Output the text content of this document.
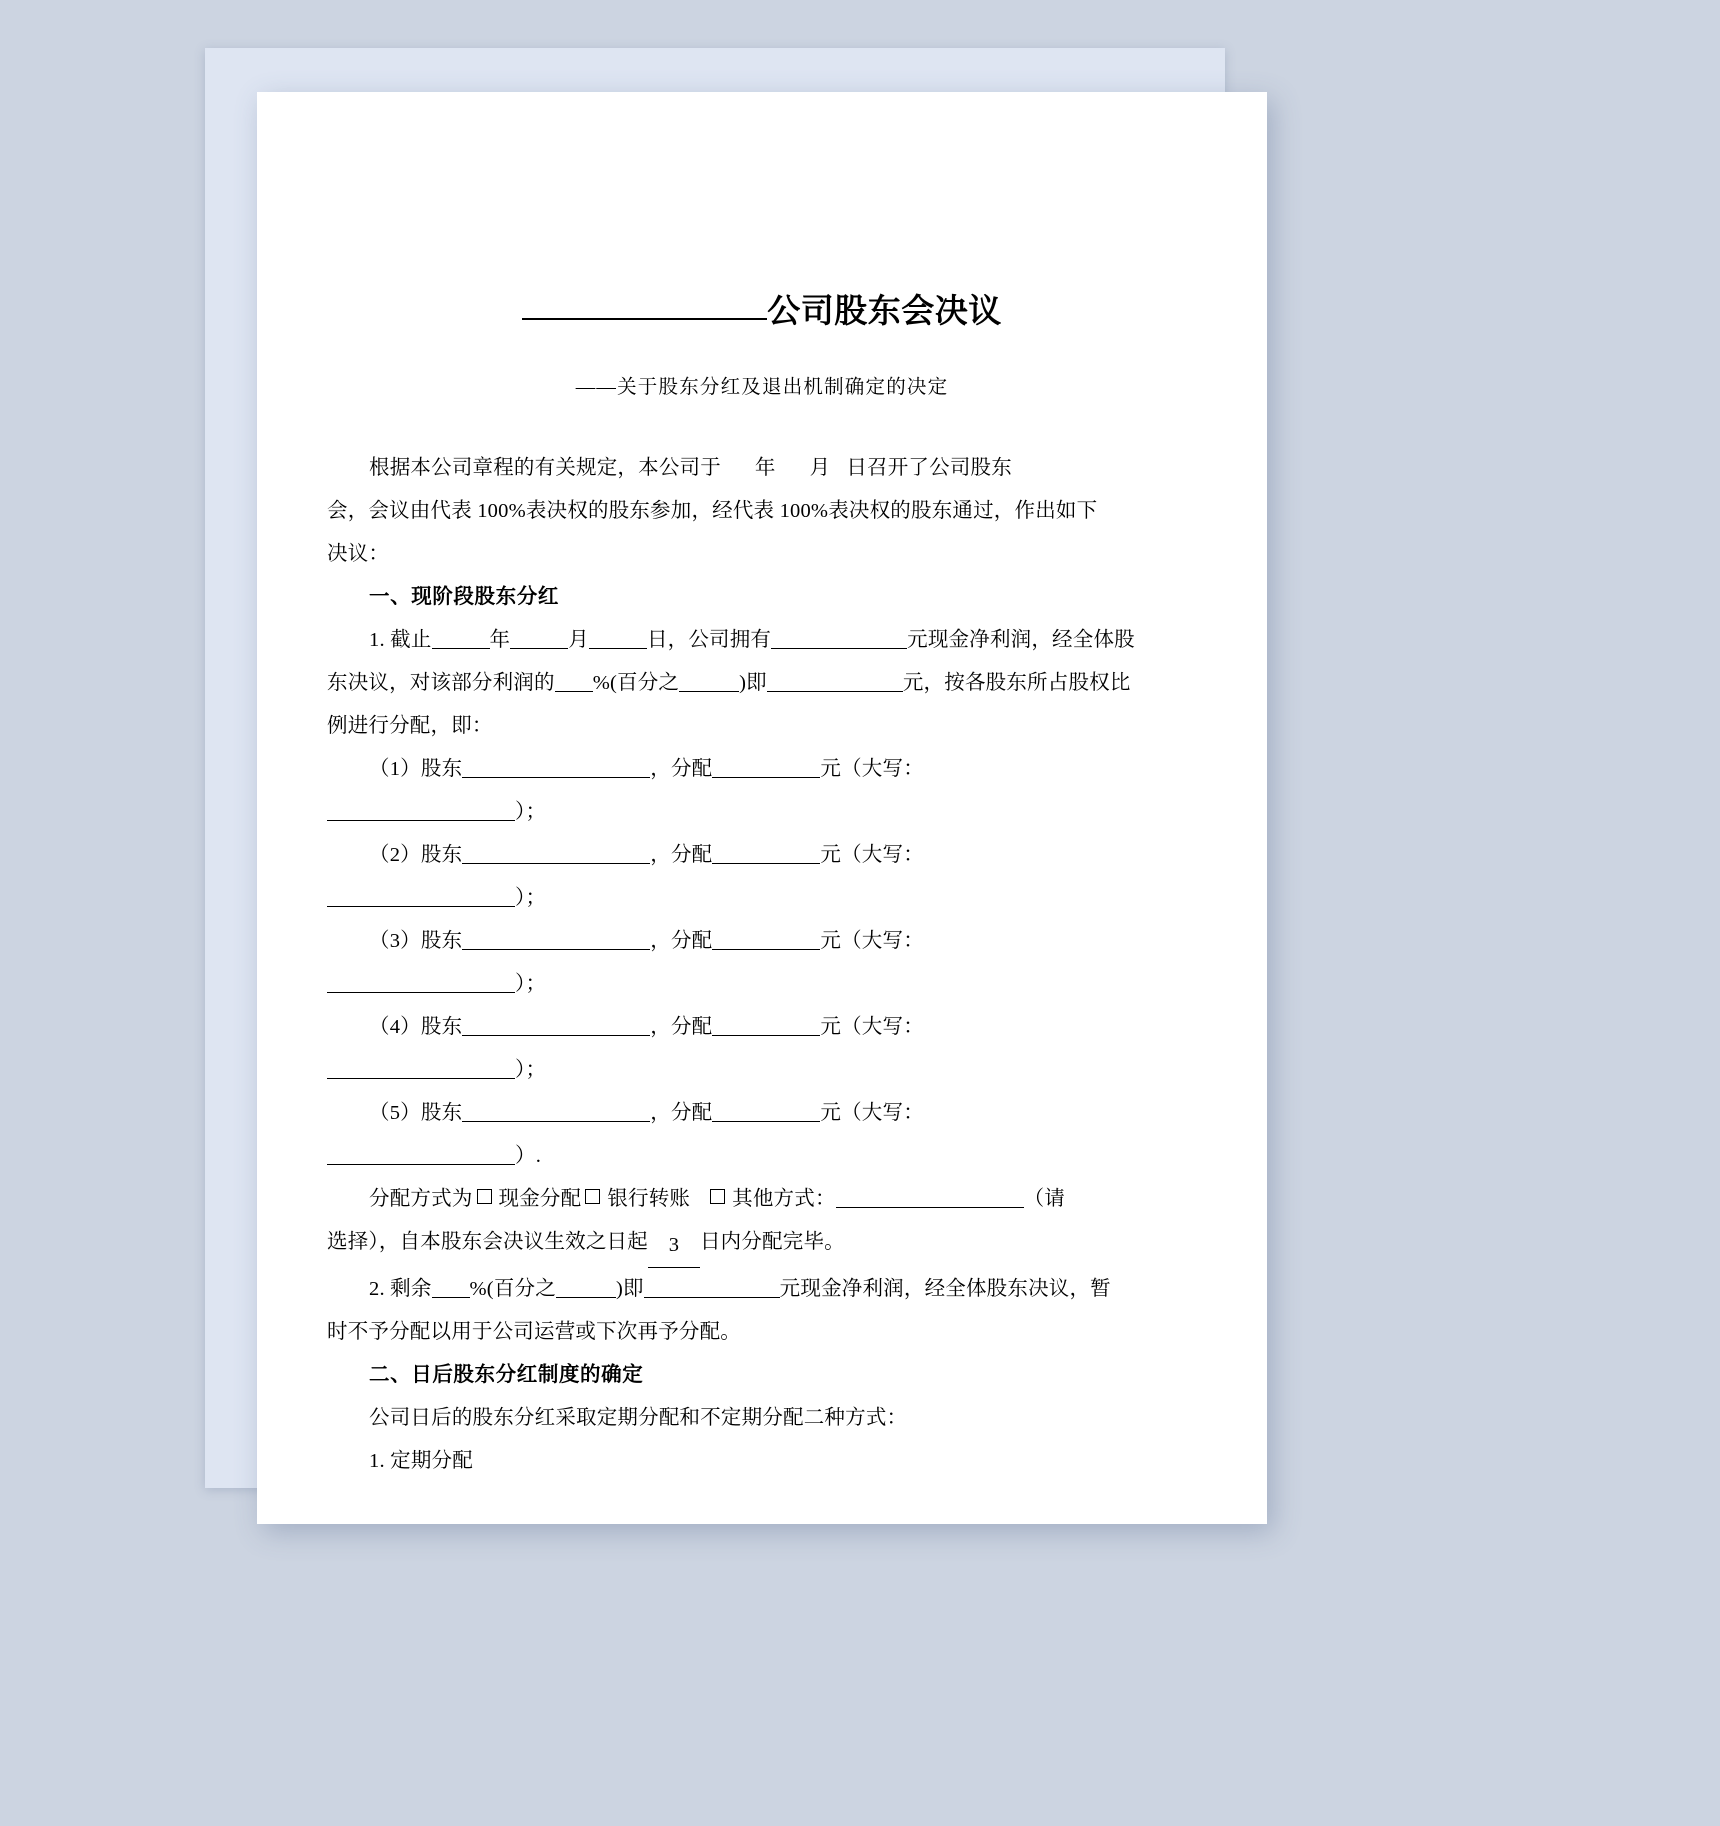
公司股东会决议
——关于股东分红及退出机制确定的决定

根据本公司章程的有关规定，本公司于 年 月 日召开了公司股东

会，会议由代表 100%表决权的股东参加，经代表 100%表决权的股东通过，作出如下

决议：

一、现阶段股东分红

1. 截止	年	月	日，公司拥有	元现金净利润，经全体股

东决议，对该部分利润的 %(百分之	)即	元，按各股东所占股权比

例进行分配，即：

（1）股东	，分配	元（大写：

）；

（2）股东	，分配	元（大写：

）；

（3）股东	，分配	元（大写：

）；

（4）股东	，分配	元（大写：

）；

（5）股东	，分配	元（大写：

）.

分配方式为 现金分配 银行转账 其他方式：	（请

选择），自本股东会决议生效之日起 3 日内分配完毕。

2. 剩余 %(百分之	)即	元现金净利润，经全体股东决议，暂

时不予分配以用于公司运营或下次再予分配。

二、日后股东分红制度的确定

公司日后的股东分红采取定期分配和不定期分配二种方式：

1. 定期分配
